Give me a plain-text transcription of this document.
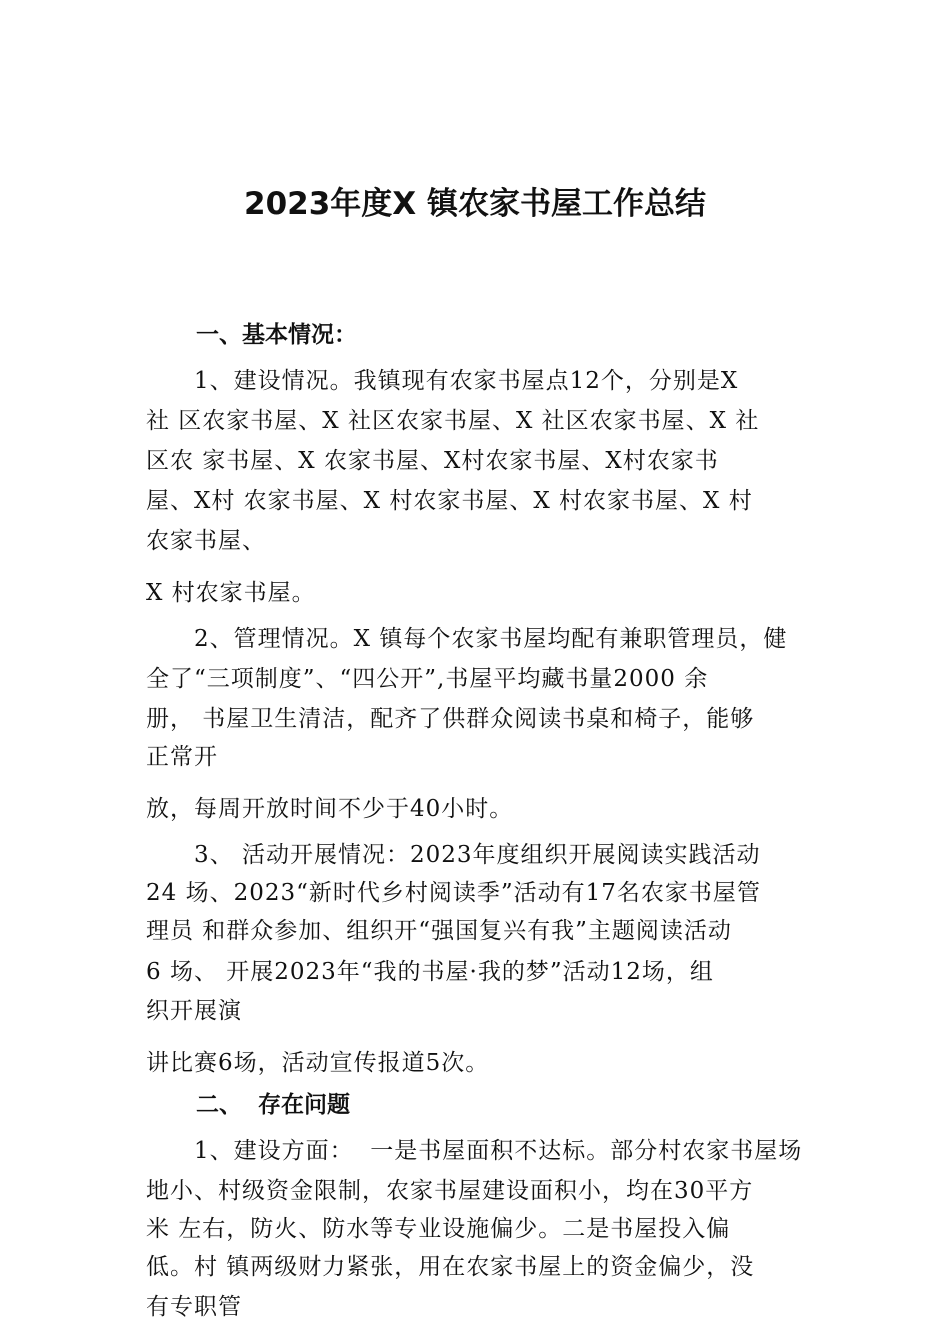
2023年度X 镇农家书屋工作总结
一、基本情况：
1、建设情况。我镇现有农家书屋点12个，分别是X
社 区农家书屋、X 社区农家书屋、X 社区农家书屋、X 社
区农 家书屋、X 农家书屋、X村农家书屋、X村农家书
屋、X村 农家书屋、X 村农家书屋、X 村农家书屋、X 村
农家书屋、
X 村农家书屋。
2、管理情况。X 镇每个农家书屋均配有兼职管理员，健
全了“三项制度”、“四公开”,书屋平均藏书量2000 余
册， 书屋卫生清洁，配齐了供群众阅读书桌和椅子，能够
正常开
放，每周开放时间不少于40小时。
3、 活动开展情况：2023年度组织开展阅读实践活动
24 场、2023“新时代乡村阅读季”活动有17名农家书屋管
理员 和群众参加、组织开“强国复兴有我”主题阅读活动
6 场、 开展2023年“我的书屋·我的梦”活动12场，组
织开展演
讲比赛6场，活动宣传报道5次。
二、  存在问题
1、建设方面：  一是书屋面积不达标。部分村农家书屋场
地小、村级资金限制，农家书屋建设面积小，均在30平方
米 左右，防火、防水等专业设施偏少。二是书屋投入偏
低。村 镇两级财力紧张，用在农家书屋上的资金偏少，没
有专职管
